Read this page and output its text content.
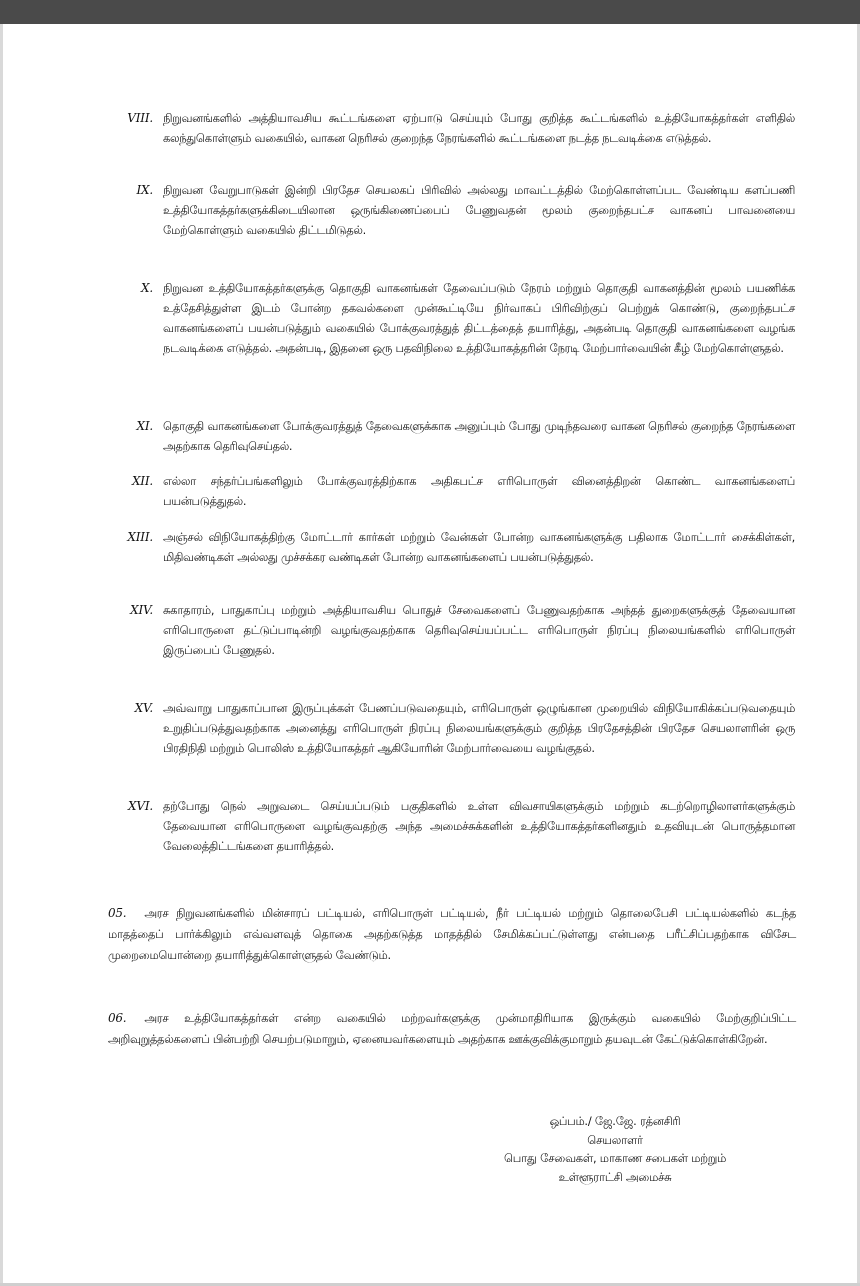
VIII. நிறுவனங்களில் அத்தியாவசிய கூட்டங்களை ஏற்பாடு செய்யும் போது குறித்த கூட்டங்களில் உத்தியோகத்தர்கள் எளிதில் கலந்துகொள்ளும் வகையில், வாகன நெரிசல் குறைந்த நேரங்களில் கூட்டங்களை நடத்த நடவடிக்கை எடுத்தல்.
IX. நிறுவன வேறுபாடுகள் இன்றி பிரதேச செயலகப் பிரிவில் அல்லது மாவட்டத்தில் மேற்கொள்ளப்பட வேண்டிய களப்பணி உத்தியோகத்தர்களுக்கிடையிலான ஒருங்கிணைப்பைப் பேணுவதன் மூலம் குறைந்தபட்ச வாகனப் பாவனையை மேற்கொள்ளும் வகையில் திட்டமிடுதல்.
X. நிறுவன உத்தியோகத்தர்களுக்கு தொகுதி வாகனங்கள் தேவைப்படும் நேரம் மற்றும் தொகுதி வாகனத்தின் மூலம் பயணிக்க உத்தேசித்துள்ள இடம் போன்ற தகவல்களை முன்கூட்டியே நிர்வாகப் பிரிவிற்குப் பெற்றுக் கொண்டு, குறைந்தபட்ச வாகனங்களைப் பயன்படுத்தும் வகையில் போக்குவரத்துத் திட்டத்தைத் தயாரித்து, அதன்படி தொகுதி வாகனங்களை வழங்க நடவடிக்கை எடுத்தல். அதன்படி, இதனை ஒரு பதவிநிலை உத்தியோகத்தரின் நேரடி மேற்பார்வையின் கீழ் மேற்கொள்ளுதல்.
XI. தொகுதி வாகனங்களை போக்குவரத்துத் தேவைகளுக்காக அனுப்பும் போது முடிந்தவரை வாகன நெரிசல் குறைந்த நேரங்களை அதற்காக தெரிவுசெய்தல்.
XII. எல்லா சந்தர்ப்பங்களிலும் போக்குவரத்திற்காக அதிகபட்ச எரிபொருள் வினைத்திறன் கொண்ட வாகனங்களைப் பயன்படுத்துதல்.
XIII. அஞ்சல் விநியோகத்திற்கு மோட்டார் கார்கள் மற்றும் வேன்கள் போன்ற வாகனங்களுக்கு பதிலாக மோட்டார் சைக்கிள்கள், மிதிவண்டிகள் அல்லது முச்சக்கர வண்டிகள் போன்ற வாகனங்களைப் பயன்படுத்துதல்.
XIV. சுகாதாரம், பாதுகாப்பு மற்றும் அத்தியாவசிய பொதுச் சேவைகளைப் பேணுவதற்காக அந்தத் துறைகளுக்குத் தேவையான எரிபொருளை தட்டுப்பாடின்றி வழங்குவதற்காக தெரிவுசெய்யப்பட்ட எரிபொருள் நிரப்பு நிலையங்களில் எரிபொருள் இருப்பைப் பேணுதல்.
XV. அவ்வாறு பாதுகாப்பான இருப்புக்கள் பேணப்படுவதையும், எரிபொருள் ஒழுங்கான முறையில் விநியோகிக்கப்படுவதையும் உறுதிப்படுத்துவதற்காக அனைத்து எரிபொருள் நிரப்பு நிலையங்களுக்கும் குறித்த பிரதேசத்தின் பிரதேச செயலாளரின் ஒரு பிரதிநிதி மற்றும் பொலிஸ் உத்தியோகத்தர் ஆகியோரின் மேற்பார்வையை வழங்குதல்.
XVI. தற்போது நெல் அறுவடை செய்யப்படும் பகுதிகளில் உள்ள விவசாயிகளுக்கும் மற்றும் கடற்றொழிலாளர்களுக்கும் தேவையான எரிபொருளை வழங்குவதற்கு அந்த அமைச்சுக்களின் உத்தியோகத்தர்களினதும் உதவியுடன் பொருத்தமான வேலைத்திட்டங்களை தயாரித்தல்.
05. அரச நிறுவனங்களில் மின்சாரப் பட்டியல், எரிபொருள் பட்டியல், நீர் பட்டியல் மற்றும் தொலைபேசி பட்டியல்களில் கடந்த மாதத்தைப் பார்க்கிலும் எவ்வளவுத் தொகை அதற்கடுத்த மாதத்தில் சேமிக்கப்பட்டுள்ளது என்பதை பரீட்சிப்பதற்காக விசேட முறைமையொன்றை தயாரித்துக்கொள்ளுதல் வேண்டும்.
06. அரச உத்தியோகத்தர்கள் என்ற வகையில் மற்றவர்களுக்கு முன்மாதிரியாக இருக்கும் வகையில் மேற்குறிப்பிட்ட அறிவுறுத்தல்களைப் பின்பற்றி செயற்படுமாறும், ஏனையவர்களையும் அதற்காக ஊக்குவிக்குமாறும் தயவுடன் கேட்டுக்கொள்கிறேன்.
ஒப்பம்./ ஜே.ஜே. ரத்னசிரி
செயலாளர்
பொது சேவைகள், மாகாண சபைகள் மற்றும்
உள்ளூராட்சி அமைச்சு
